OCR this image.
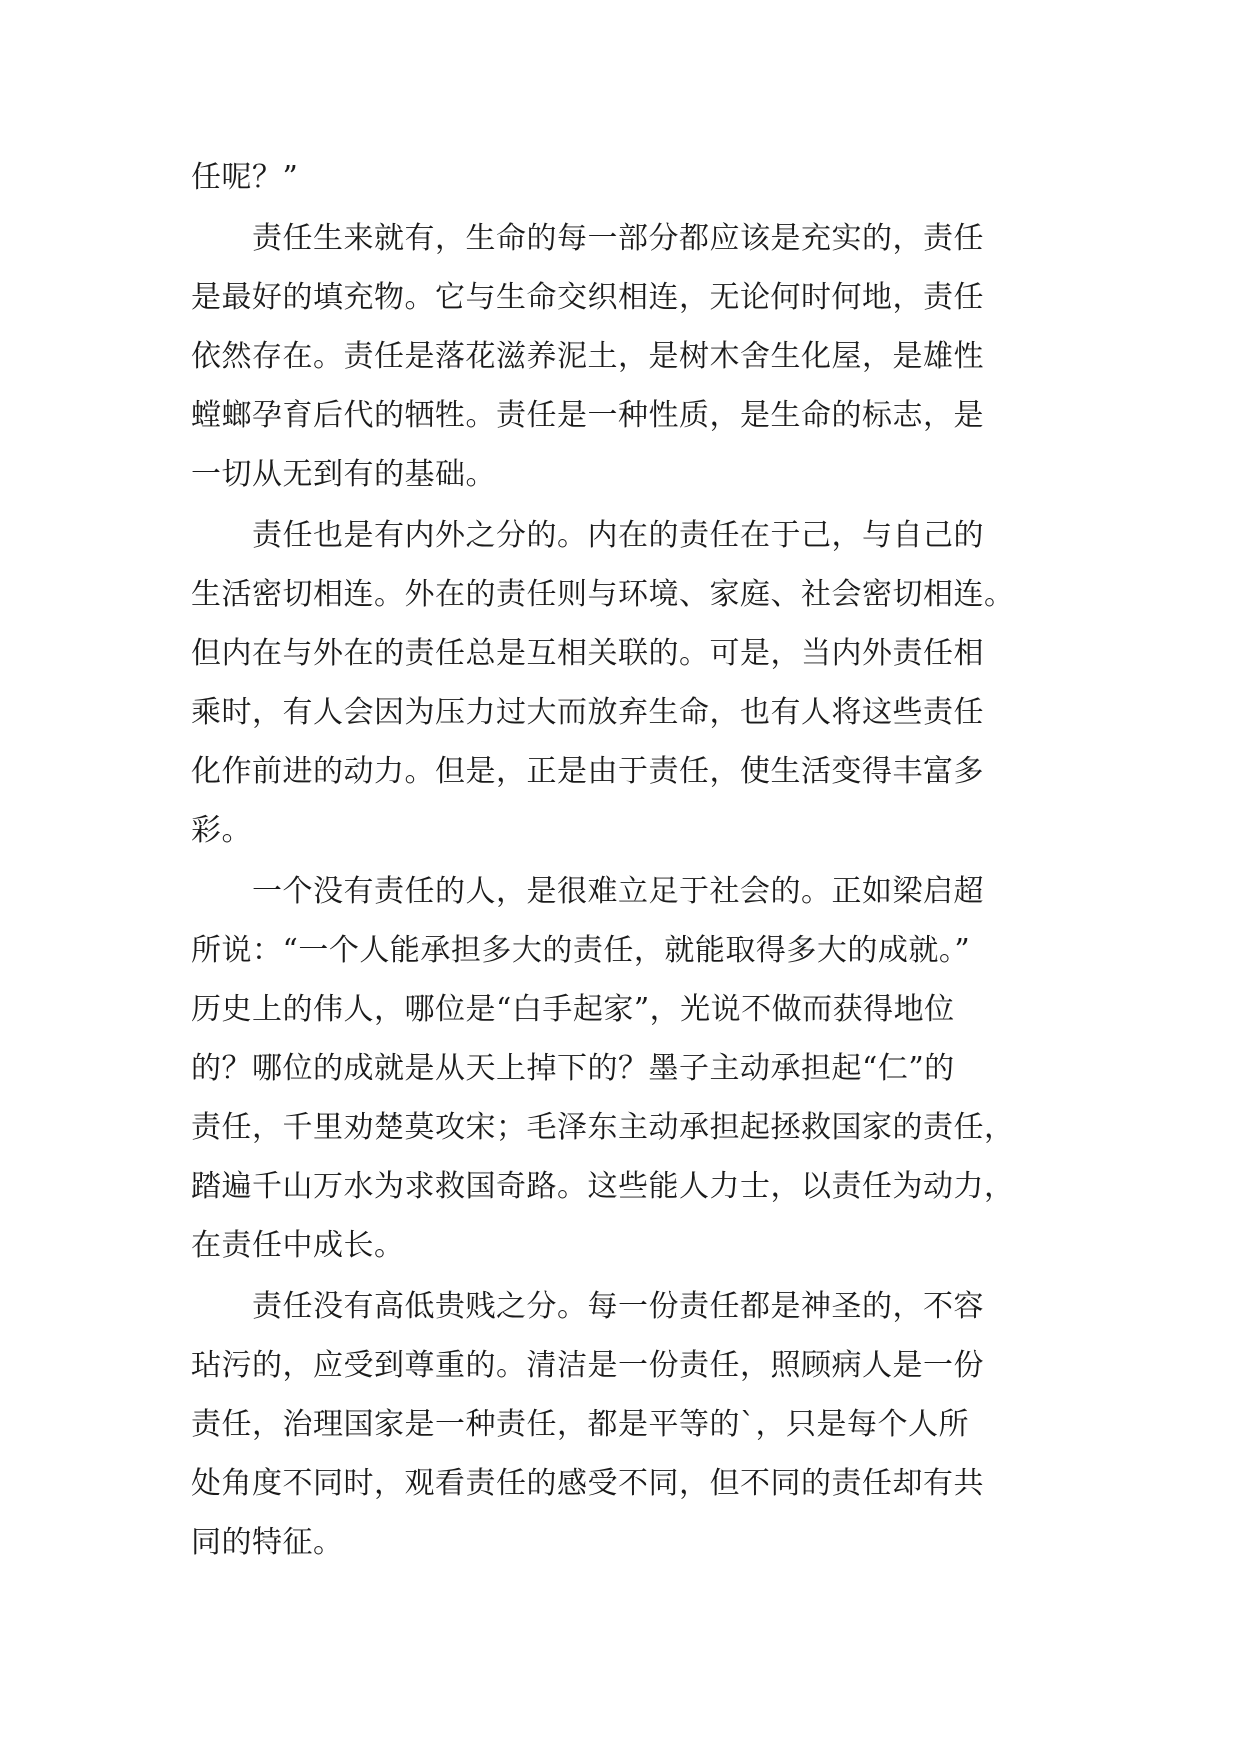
任呢？”
　　责任生来就有，生命的每一部分都应该是充实的，责任
是最好的填充物。它与生命交织相连，无论何时何地，责任
依然存在。责任是落花滋养泥土，是树木舍生化屋，是雄性
螳螂孕育后代的牺牲。责任是一种性质，是生命的标志，是
一切从无到有的基础。
　　责任也是有内外之分的。内在的责任在于己，与自己的
生活密切相连。外在的责任则与环境、家庭、社会密切相连。
但内在与外在的责任总是互相关联的。可是，当内外责任相
乘时，有人会因为压力过大而放弃生命，也有人将这些责任
化作前进的动力。但是，正是由于责任，使生活变得丰富多
彩。
　　一个没有责任的人，是很难立足于社会的。正如梁启超
所说：“一个人能承担多大的责任，就能取得多大的成就。”
历史上的伟人，哪位是“白手起家”，光说不做而获得地位
的？哪位的成就是从天上掉下的？墨子主动承担起“仁”的
责任，千里劝楚莫攻宋；毛泽东主动承担起拯救国家的责任，
踏遍千山万水为求救国奇路。这些能人力士，以责任为动力，
在责任中成长。
　　责任没有高低贵贱之分。每一份责任都是神圣的，不容
玷污的，应受到尊重的。清洁是一份责任，照顾病人是一份
责任，治理国家是一种责任，都是平等的`，只是每个人所
处角度不同时，观看责任的感受不同，但不同的责任却有共
同的特征。
